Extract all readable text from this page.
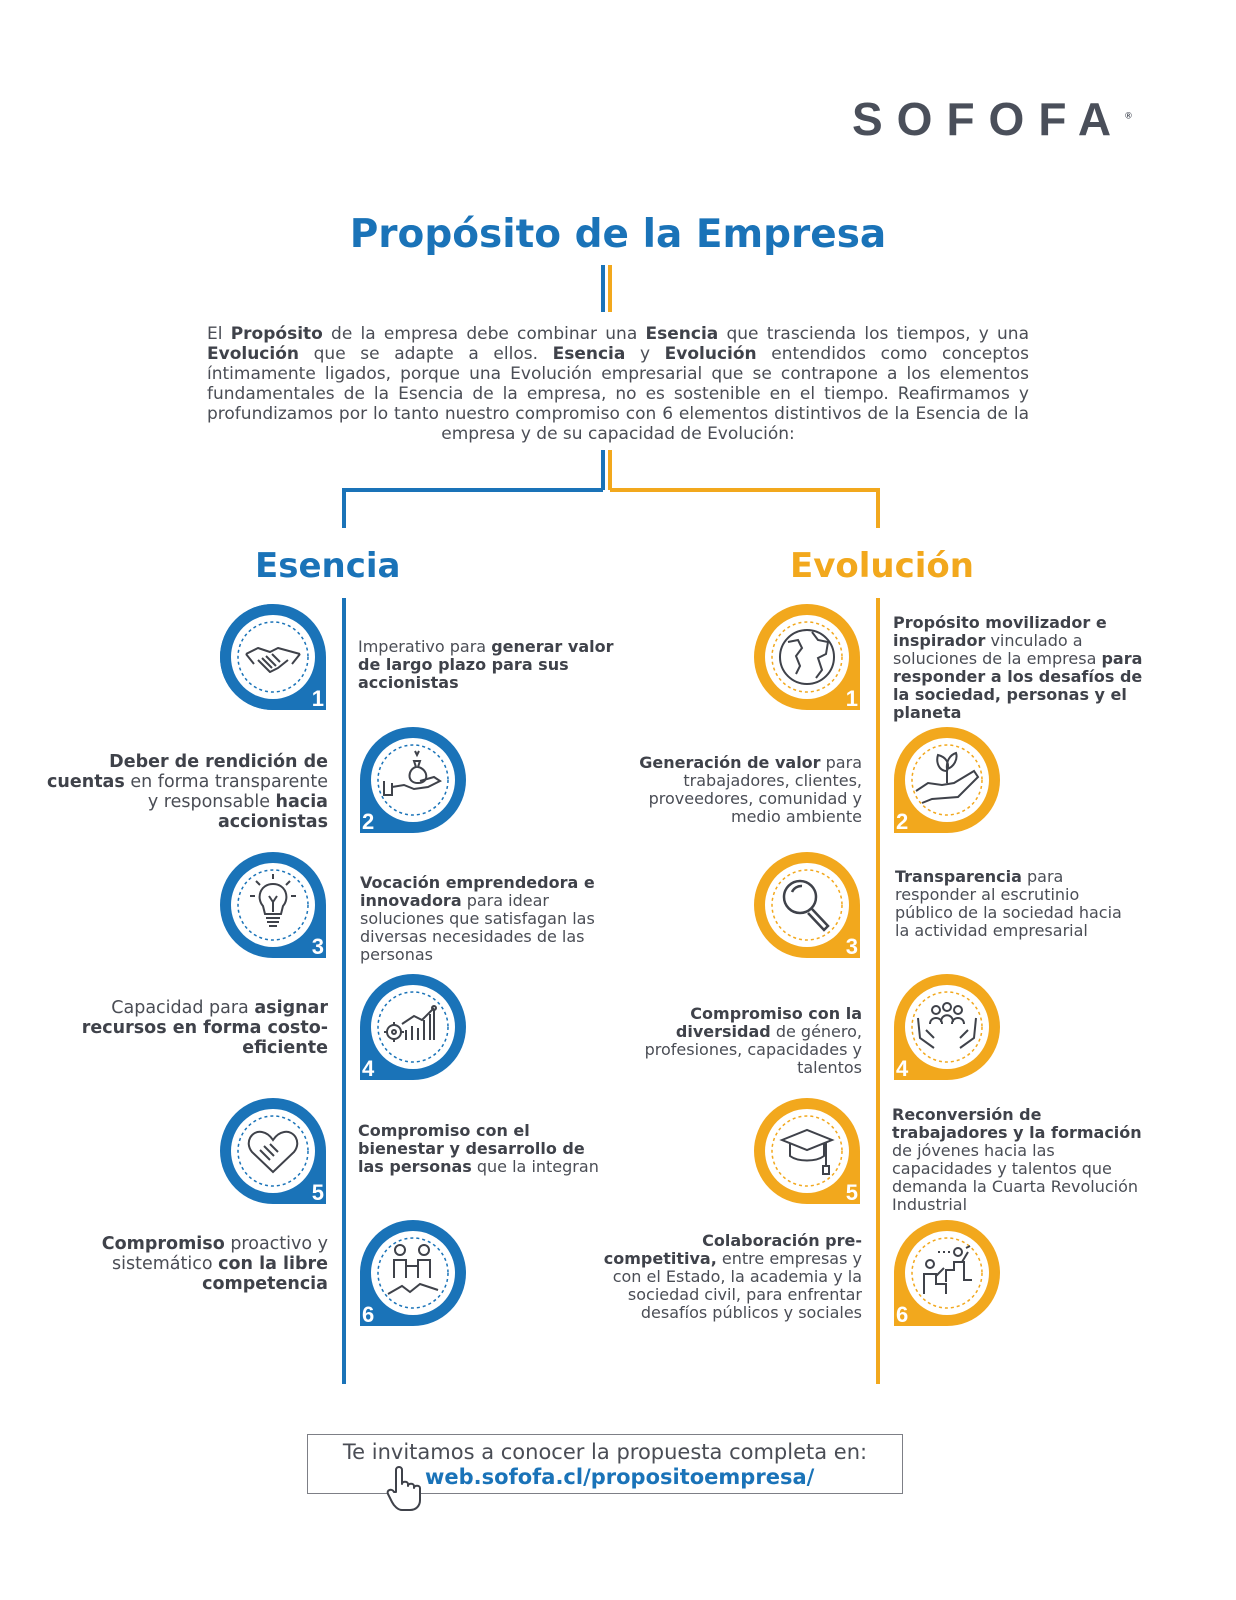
SOFOFA®
Propósito de la Empresa
El Propósito de la empresa debe combinar una Esencia que trascienda los tiempos, y una Evolución que se adapte a ellos. Esencia y Evolución entendidos como conceptos íntimamente ligados, porque una Evolución empresarial que se contrapone a los elementos fundamentales de la Esencia de la empresa, no es sostenible en el tiempo. Reafirmamos y profundizamos por lo tanto nuestro compromiso con 6 elementos distintivos de la Esencia de la empresa y de su capacidad de Evolución:
Esencia	Evolución
1
Imperativo para generar valor de largo plazo para sus accionistas
2
Deber de rendición de cuentas en forma transparente y responsable hacia accionistas
3
Vocación emprendedora e innovadora para idear soluciones que satisfagan las diversas necesidades de las personas
4
Capacidad para asignar recursos en forma costo-eficiente
5
Compromiso con el bienestar y desarrollo de las personas que la integran
6
Compromiso proactivo y sistemático con la libre competencia
1
Propósito movilizador e inspirador vinculado a soluciones de la empresa para responder a los desafíos de la sociedad, personas y el planeta
2
Generación de valor para trabajadores, clientes, proveedores, comunidad y medio ambiente
3
Transparencia para responder al escrutinio público de la sociedad hacia la actividad empresarial
4
Compromiso con la diversidad de género, profesiones, capacidades y talentos
5
Reconversión de trabajadores y la formación de jóvenes hacia las capacidades y talentos que demanda la Cuarta Revolución Industrial
6
Colaboración pre-competitiva, entre empresas y con el Estado, la academia y la sociedad civil, para enfrentar desafíos públicos y sociales
Te invitamos a conocer la propuesta completa en:
web.sofofa.cl/propositoempresa/
